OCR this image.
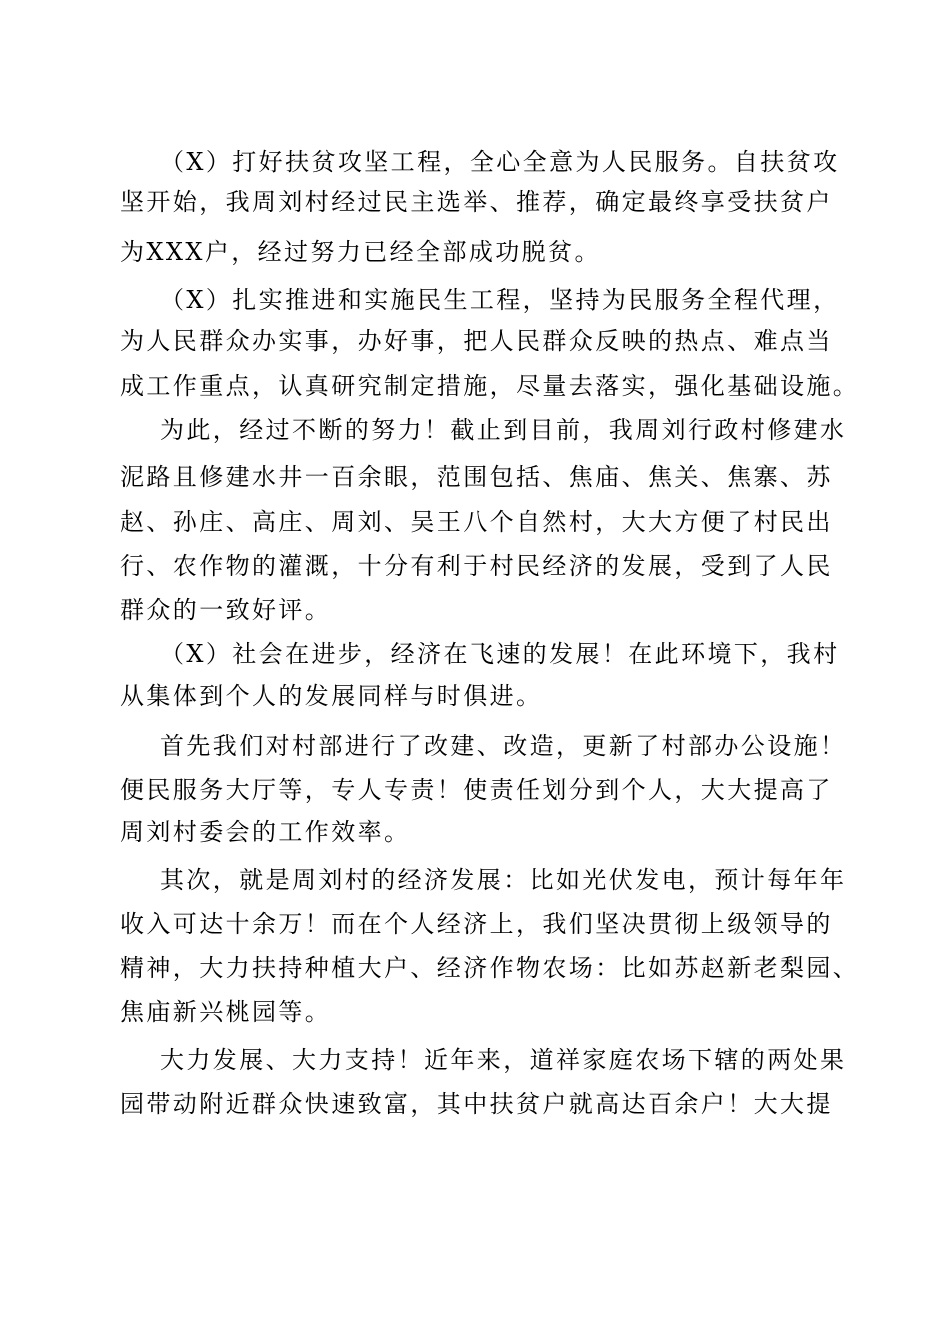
（X）打好扶贫攻坚工程，全心全意为人民服务。自扶贫攻
坚开始，我周刘村经过民主选举、推荐，确定最终享受扶贫户
为XXX户，经过努力已经全部成功脱贫。
（X）扎实推进和实施民生工程，坚持为民服务全程代理，
为人民群众办实事，办好事，把人民群众反映的热点、难点当
成工作重点，认真研究制定措施，尽量去落实，强化基础设施。
为此，经过不断的努力！截止到目前，我周刘行政村修建水
泥路且修建水井一百余眼，范围包括、焦庙、焦关、焦寨、苏
赵、孙庄、高庄、周刘、吴王八个自然村，大大方便了村民出
行、农作物的灌溉，十分有利于村民经济的发展，受到了人民
群众的一致好评。
（X）社会在进步，经济在飞速的发展！在此环境下，我村
从集体到个人的发展同样与时俱进。
首先我们对村部进行了改建、改造，更新了村部办公设施！
便民服务大厅等，专人专责！使责任划分到个人，大大提高了
周刘村委会的工作效率。
其次，就是周刘村的经济发展：比如光伏发电，预计每年年
收入可达十余万！而在个人经济上，我们坚决贯彻上级领导的
精神，大力扶持种植大户、经济作物农场：比如苏赵新老梨园、
焦庙新兴桃园等。
大力发展、大力支持！近年来，道祥家庭农场下辖的两处果
园带动附近群众快速致富，其中扶贫户就高达百余户！大大提
